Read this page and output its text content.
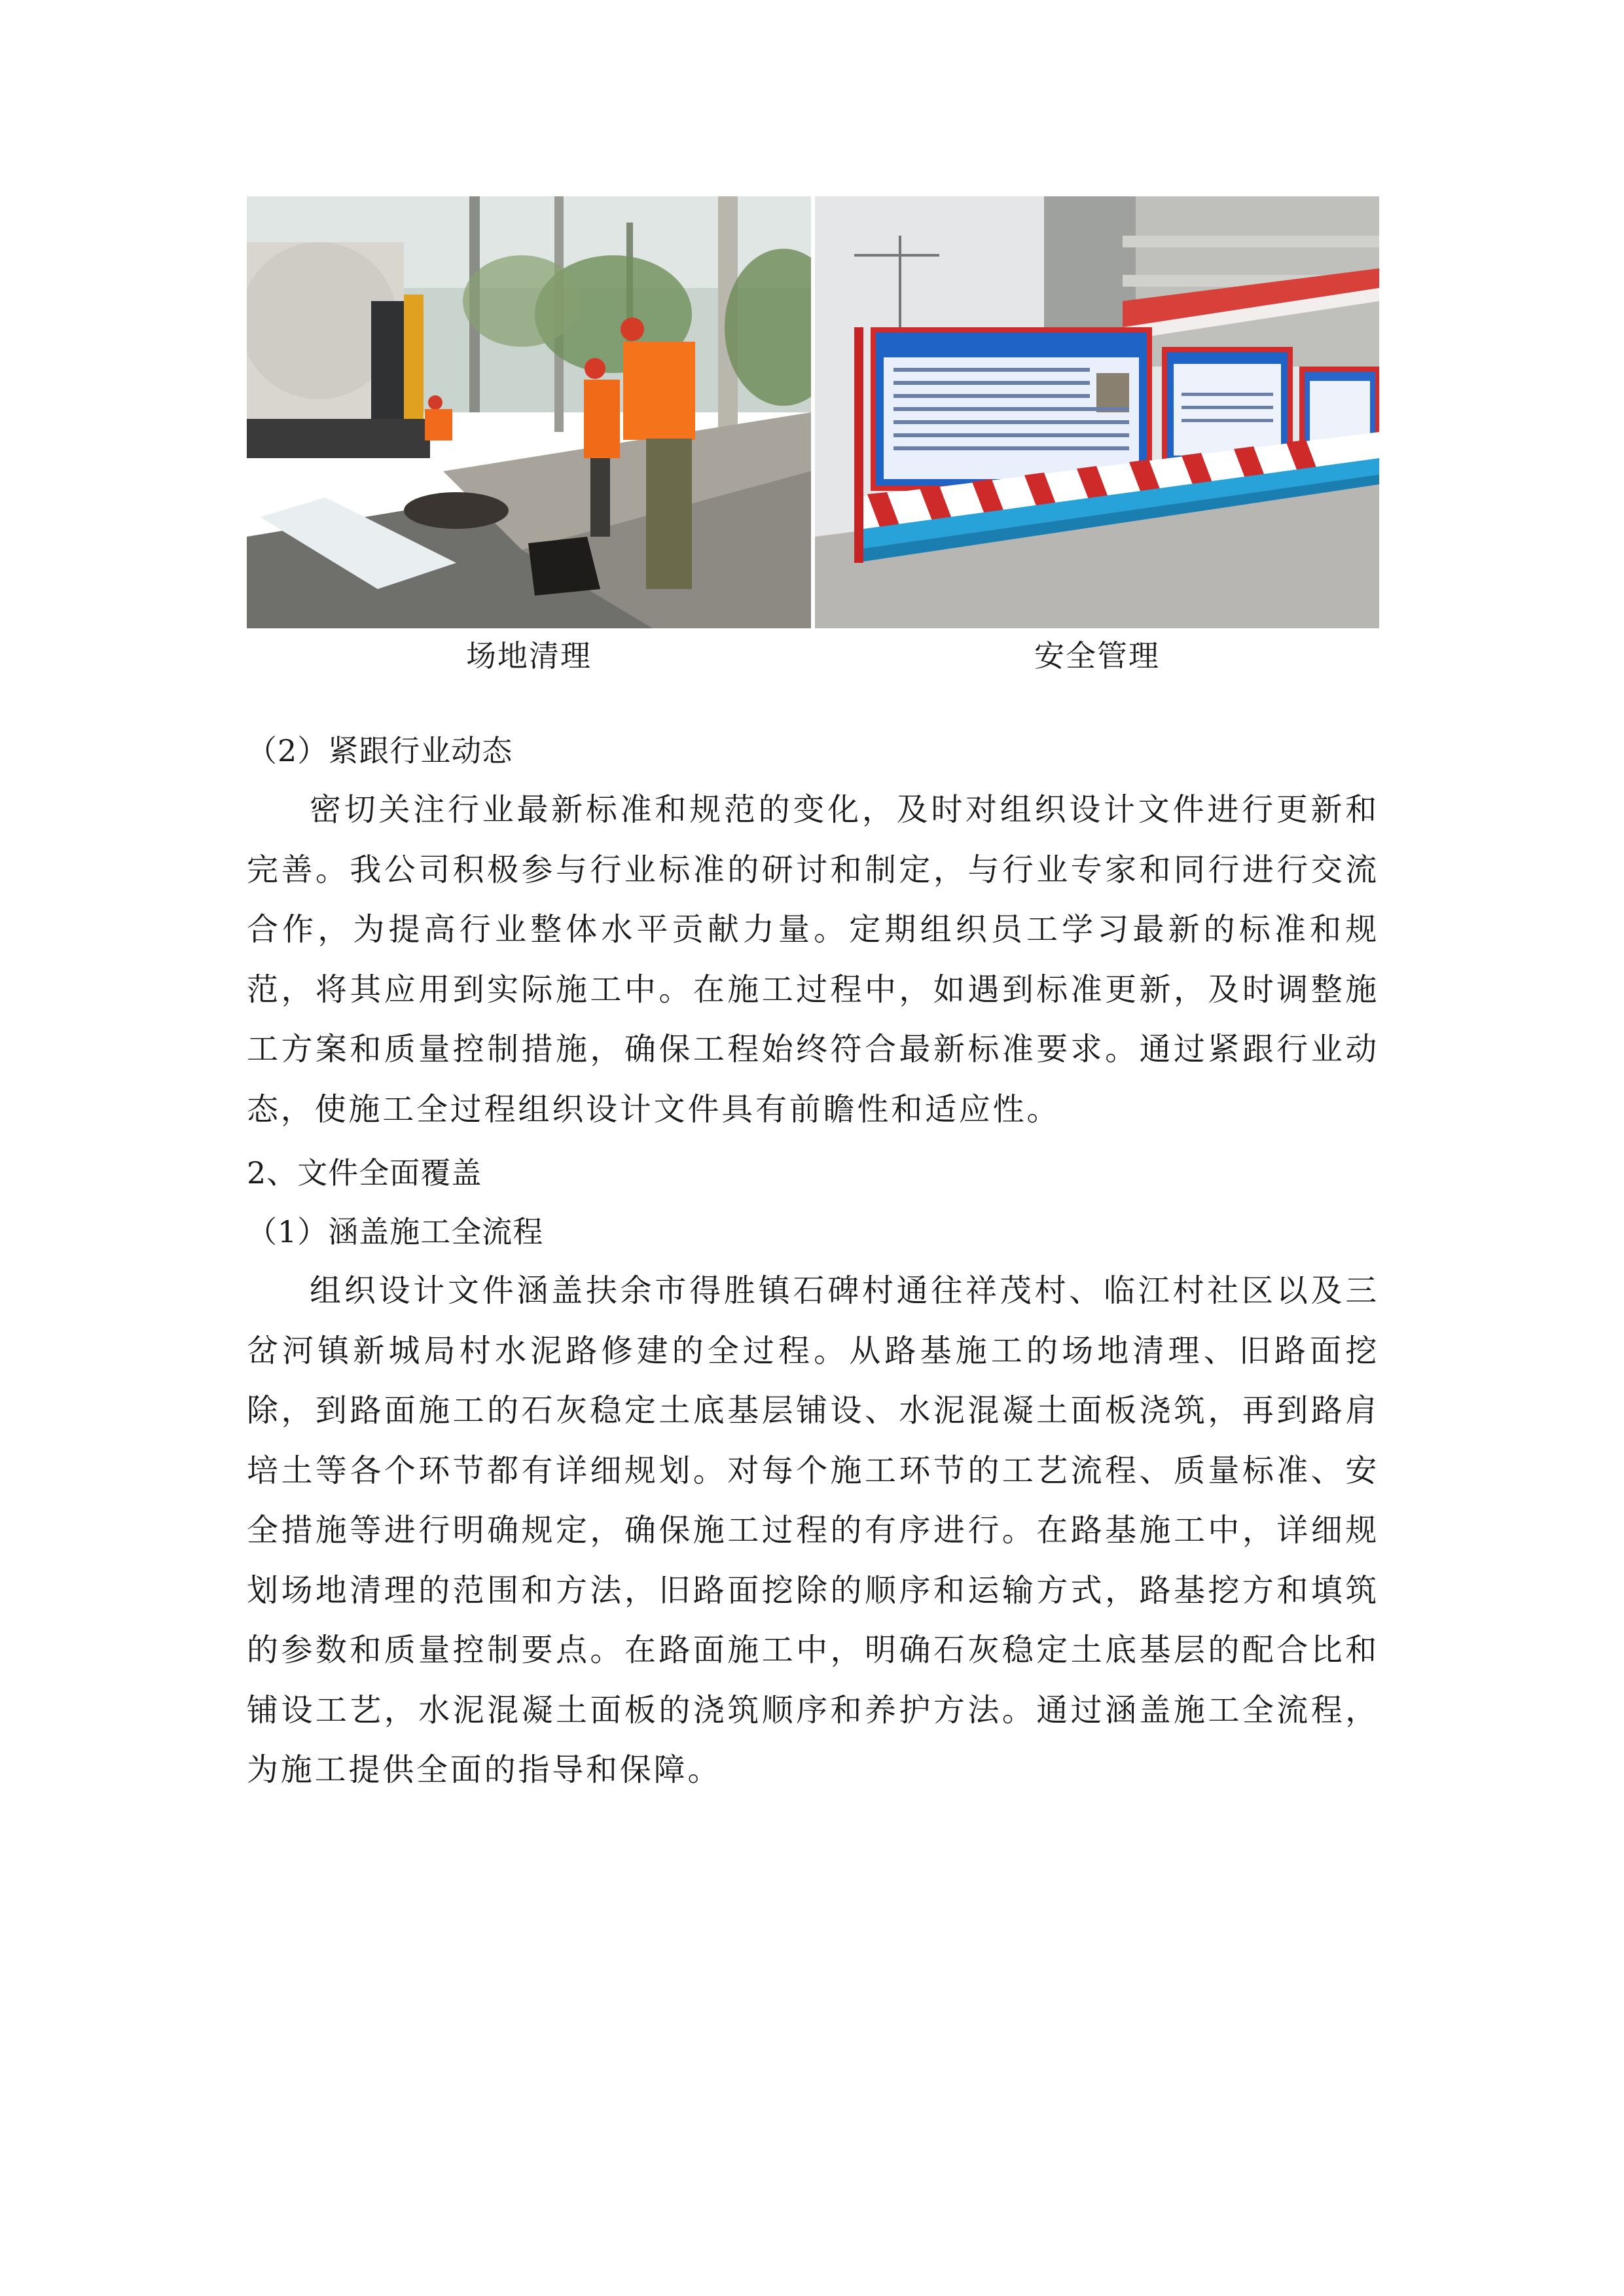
场地清理	安全管理

（2）紧跟行业动态

密切关注行业最新标准和规范的变化，及时对组织设计文件进行更新和完善。我公司积极参与行业标准的研讨和制定，与行业专家和同行进行交流合作，为提高行业整体水平贡献力量。定期组织员工学习最新的标准和规范，将其应用到实际施工中。在施工过程中，如遇到标准更新，及时调整施工方案和质量控制措施，确保工程始终符合最新标准要求。通过紧跟行业动态，使施工全过程组织设计文件具有前瞻性和适应性。

2、文件全面覆盖

（1）涵盖施工全流程

组织设计文件涵盖扶余市得胜镇石碑村通往祥茂村、临江村社区以及三岔河镇新城局村水泥路修建的全过程。从路基施工的场地清理、旧路面挖除，到路面施工的石灰稳定土底基层铺设、水泥混凝土面板浇筑，再到路肩培土等各个环节都有详细规划。对每个施工环节的工艺流程、质量标准、安全措施等进行明确规定，确保施工过程的有序进行。在路基施工中，详细规划场地清理的范围和方法，旧路面挖除的顺序和运输方式，路基挖方和填筑的参数和质量控制要点。在路面施工中，明确石灰稳定土底基层的配合比和铺设工艺，水泥混凝土面板的浇筑顺序和养护方法。通过涵盖施工全流程，为施工提供全面的指导和保障。
